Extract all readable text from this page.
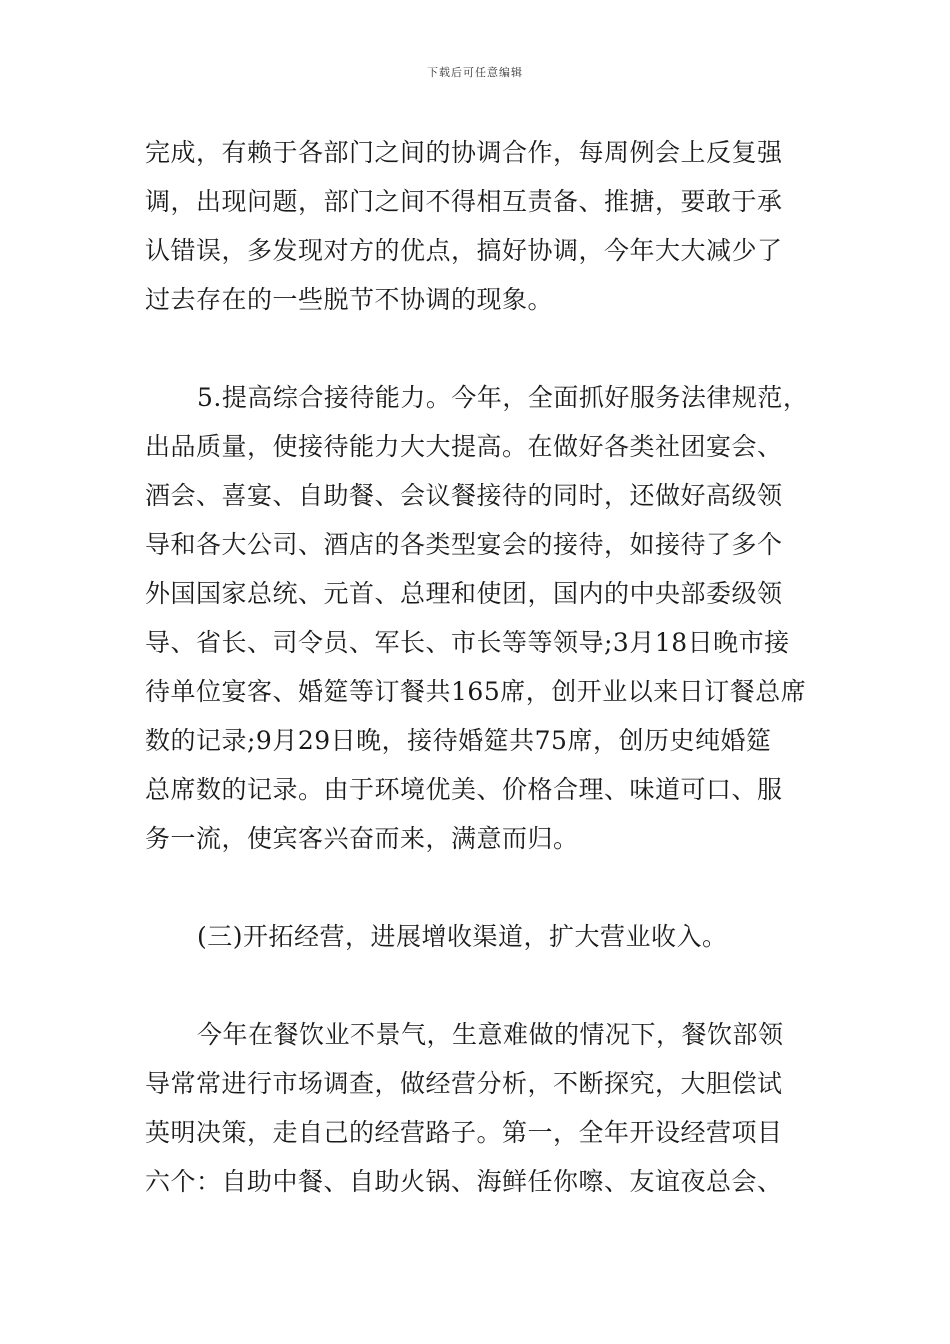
下载后可任意编辑
完成，有赖于各部门之间的协调合作，每周例会上反复强
调，出现问题，部门之间不得相互责备、推搪，要敢于承
认错误，多发现对方的优点，搞好协调，今年大大减少了
过去存在的一些脱节不协调的现象。
5.提高综合接待能力。今年，全面抓好服务法律规范，
出品质量，使接待能力大大提高。在做好各类社团宴会、
酒会、喜宴、自助餐、会议餐接待的同时，还做好高级领
导和各大公司、酒店的各类型宴会的接待，如接待了多个
外国国家总统、元首、总理和使团，国内的中央部委级领
导、省长、司令员、军长、市长等等领导;3月18日晚市接
待单位宴客、婚筵等订餐共165席，创开业以来日订餐总席
数的记录;9月29日晚，接待婚筵共75席，创历史纯婚筵
总席数的记录。由于环境优美、价格合理、味道可口、服
务一流，使宾客兴奋而来，满意而归。
(三)开拓经营，进展增收渠道，扩大营业收入。
今年在餐饮业不景气，生意难做的情况下，餐饮部领
导常常进行市场调查，做经营分析，不断探究，大胆偿试
英明决策，走自己的经营路子。第一，全年开设经营项目
六个：自助中餐、自助火锅、海鲜任你嚓、友谊夜总会、
